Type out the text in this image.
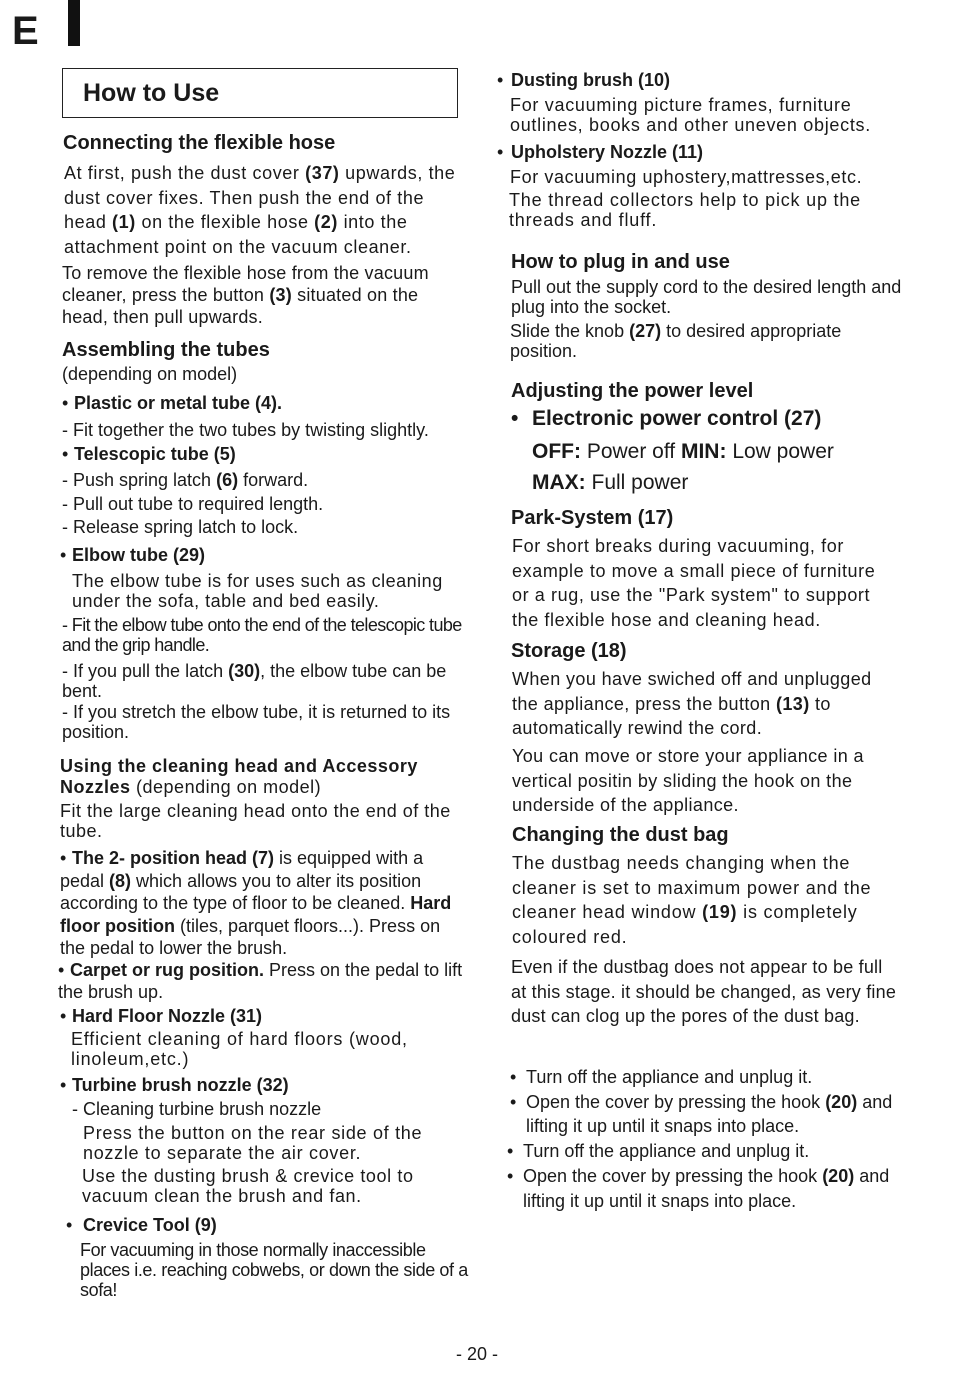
E
How to Use
Connecting the flexible hose
At first, push the dust cover (37) upwards, the dust cover fixes. Then push the end of the head (1) on the flexible hose (2) into the attachment point on the vacuum cleaner.
To remove the flexible hose from the vacuum cleaner, press the button (3) situated on the head, then pull upwards.
Assembling the tubes
(depending on model)
• Plastic or metal tube (4).
- Fit together the two tubes by twisting slightly.
• Telescopic tube (5)
- Push spring latch (6) forward.
- Pull out tube to required length.
- Release spring latch to lock.
• Elbow tube (29)
The elbow tube is for uses such as cleaning under the sofa, table and bed easily.
- Fit the elbow tube onto the end of the telescopic tube and the grip handle.
- If you pull the latch (30), the elbow tube can be bent.
- If you stretch the elbow tube, it is returned to its position.
Using the cleaning head and Accessory Nozzles (depending on model)
Fit the large cleaning head onto the end of the tube.
• The 2- position head (7) is equipped with a pedal (8) which allows you to alter its position according to the type of floor to be cleaned. Hard floor position (tiles, parquet floors...). Press on the pedal to lower the brush.
• Carpet or rug position. Press on the pedal to lift the brush up.
• Hard Floor Nozzle (31)
Efficient cleaning of hard floors (wood, linoleum,etc.)
• Turbine brush nozzle (32)
- Cleaning turbine brush nozzle
Press the button on the rear side of the nozzle to separate the air cover.
Use the dusting brush & crevice tool to vacuum clean the brush and fan.
• Crevice Tool (9)
For vacuuming in those normally inaccessible places i.e. reaching cobwebs, or down the side of a sofa!
• Dusting brush (10)
For vacuuming picture frames, furniture outlines, books and other uneven objects.
• Upholstery Nozzle (11)
For vacuuming uphostery,mattresses,etc.
The thread collectors help to pick up the threads and fluff.
How to plug in and use
Pull out the supply cord to the desired length and plug into the socket.
Slide the knob (27) to desired appropriate position.
Adjusting the power level
• Electronic power control (27)
OFF: Power off MIN: Low power
MAX: Full power
Park-System (17)
For short breaks during vacuuming, for example to move a small piece of furniture or a rug, use the "Park system" to support the flexible hose and cleaning head.
Storage (18)
When you have swiched off and unplugged the appliance, press the button (13) to automatically rewind the cord.
You can move or store your appliance in a vertical positin by sliding the hook on the underside of the appliance.
Changing the dust bag
The dustbag needs changing when the cleaner is set to maximum power and the cleaner head window (19) is completely coloured red.
Even if the dustbag does not appear to be full at this stage. it should be changed, as very fine dust can clog up the pores of the dust bag.
• Turn off the appliance and unplug it.
• Open the cover by pressing the hook (20) and lifting it up until it snaps into place.
• Turn off the appliance and unplug it.
• Open the cover by pressing the hook (20) and lifting it up until it snaps into place.
- 20 -
